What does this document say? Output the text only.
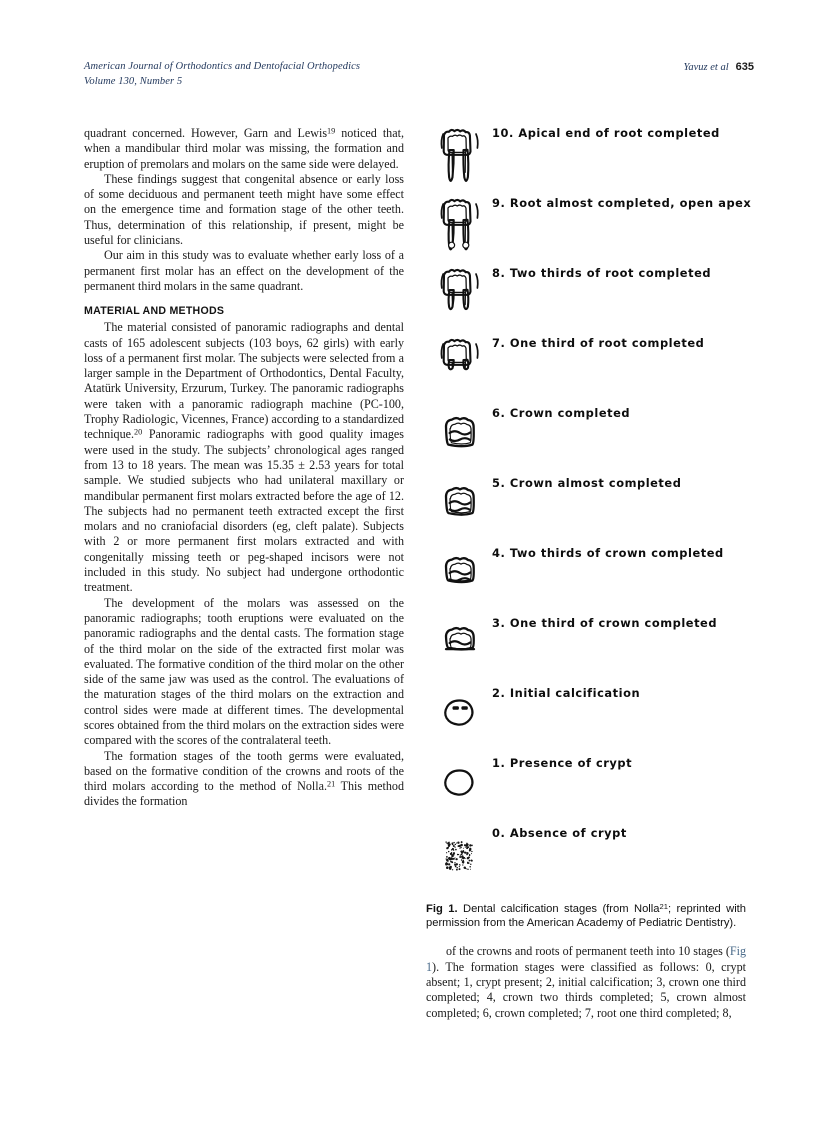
American Journal of Orthodontics and Dentofacial Orthopedics
Volume 130, Number 5
Yavuz et al 635

quadrant concerned. However, Garn and Lewis$^{19}$ noticed that, when a mandibular third molar was missing, the formation and eruption of premolars and molars on the same side were delayed.

These findings suggest that congenital absence or early loss of some deciduous and permanent teeth might have some effect on the emergence time and formation stage of the other teeth. Thus, determination of this relationship, if present, might be useful for clinicians.

Our aim in this study was to evaluate whether early loss of a permanent first molar has an effect on the development of the permanent third molars in the same quadrant.

MATERIAL AND METHODS

The material consisted of panoramic radiographs and dental casts of 165 adolescent subjects (103 boys, 62 girls) with early loss of a permanent first molar. The subjects were selected from a larger sample in the Department of Orthodontics, Dental Faculty, Atatürk University, Erzurum, Turkey. The panoramic radiographs were taken with a panoramic radiograph machine (PC-100, Trophy Radiologic, Vicennes, France) according to a standardized technique.$^{20}$ Panoramic radiographs with good quality images were used in the study. The subjects’ chronological ages ranged from 13 to 18 years. The mean was 15.35 ± 2.53 years for total sample. We studied subjects who had unilateral maxillary or mandibular permanent first molars extracted before the age of 12. The subjects had no permanent teeth extracted except the first molars and no craniofacial disorders (eg, cleft palate). Subjects with 2 or more permanent first molars extracted and with congenitally missing teeth or peg-shaped incisors were not included in this study. No subject had undergone orthodontic treatment.

The development of the molars was assessed on the panoramic radiographs; tooth eruptions were evaluated on the panoramic radiographs and the dental casts. The formation stage of the third molar on the side of the extracted first molar was evaluated. The formative condition of the third molar on the other side of the same jaw was used as the control. The evaluations of the maturation stages of the third molars on the extraction and control sides were made at different times. The developmental scores obtained from the third molars on the extraction sides were compared with the scores of the contralateral teeth.

The formation stages of the tooth germs were evaluated, based on the formative condition of the crowns and roots of the third molars according to the method of Nolla.$^{21}$ This method divides the formation

10. Apical end of root completed
9. Root almost completed, open apex
8. Two thirds of root completed
7. One third of root completed
6. Crown completed
5. Crown almost completed
4. Two thirds of crown completed
3. One third of crown completed
2. Initial calcification
1. Presence of crypt
0. Absence of crypt

Fig 1. Dental calcification stages (from Nolla$^{21}$; reprinted with permission from the American Academy of Pediatric Dentistry).

of the crowns and roots of permanent teeth into 10 stages (Fig 1). The formation stages were classified as follows: 0, crypt absent; 1, crypt present; 2, initial calcification; 3, crown one third completed; 4, crown two thirds completed; 5, crown almost completed; 6, crown completed; 7, root one third completed; 8,
